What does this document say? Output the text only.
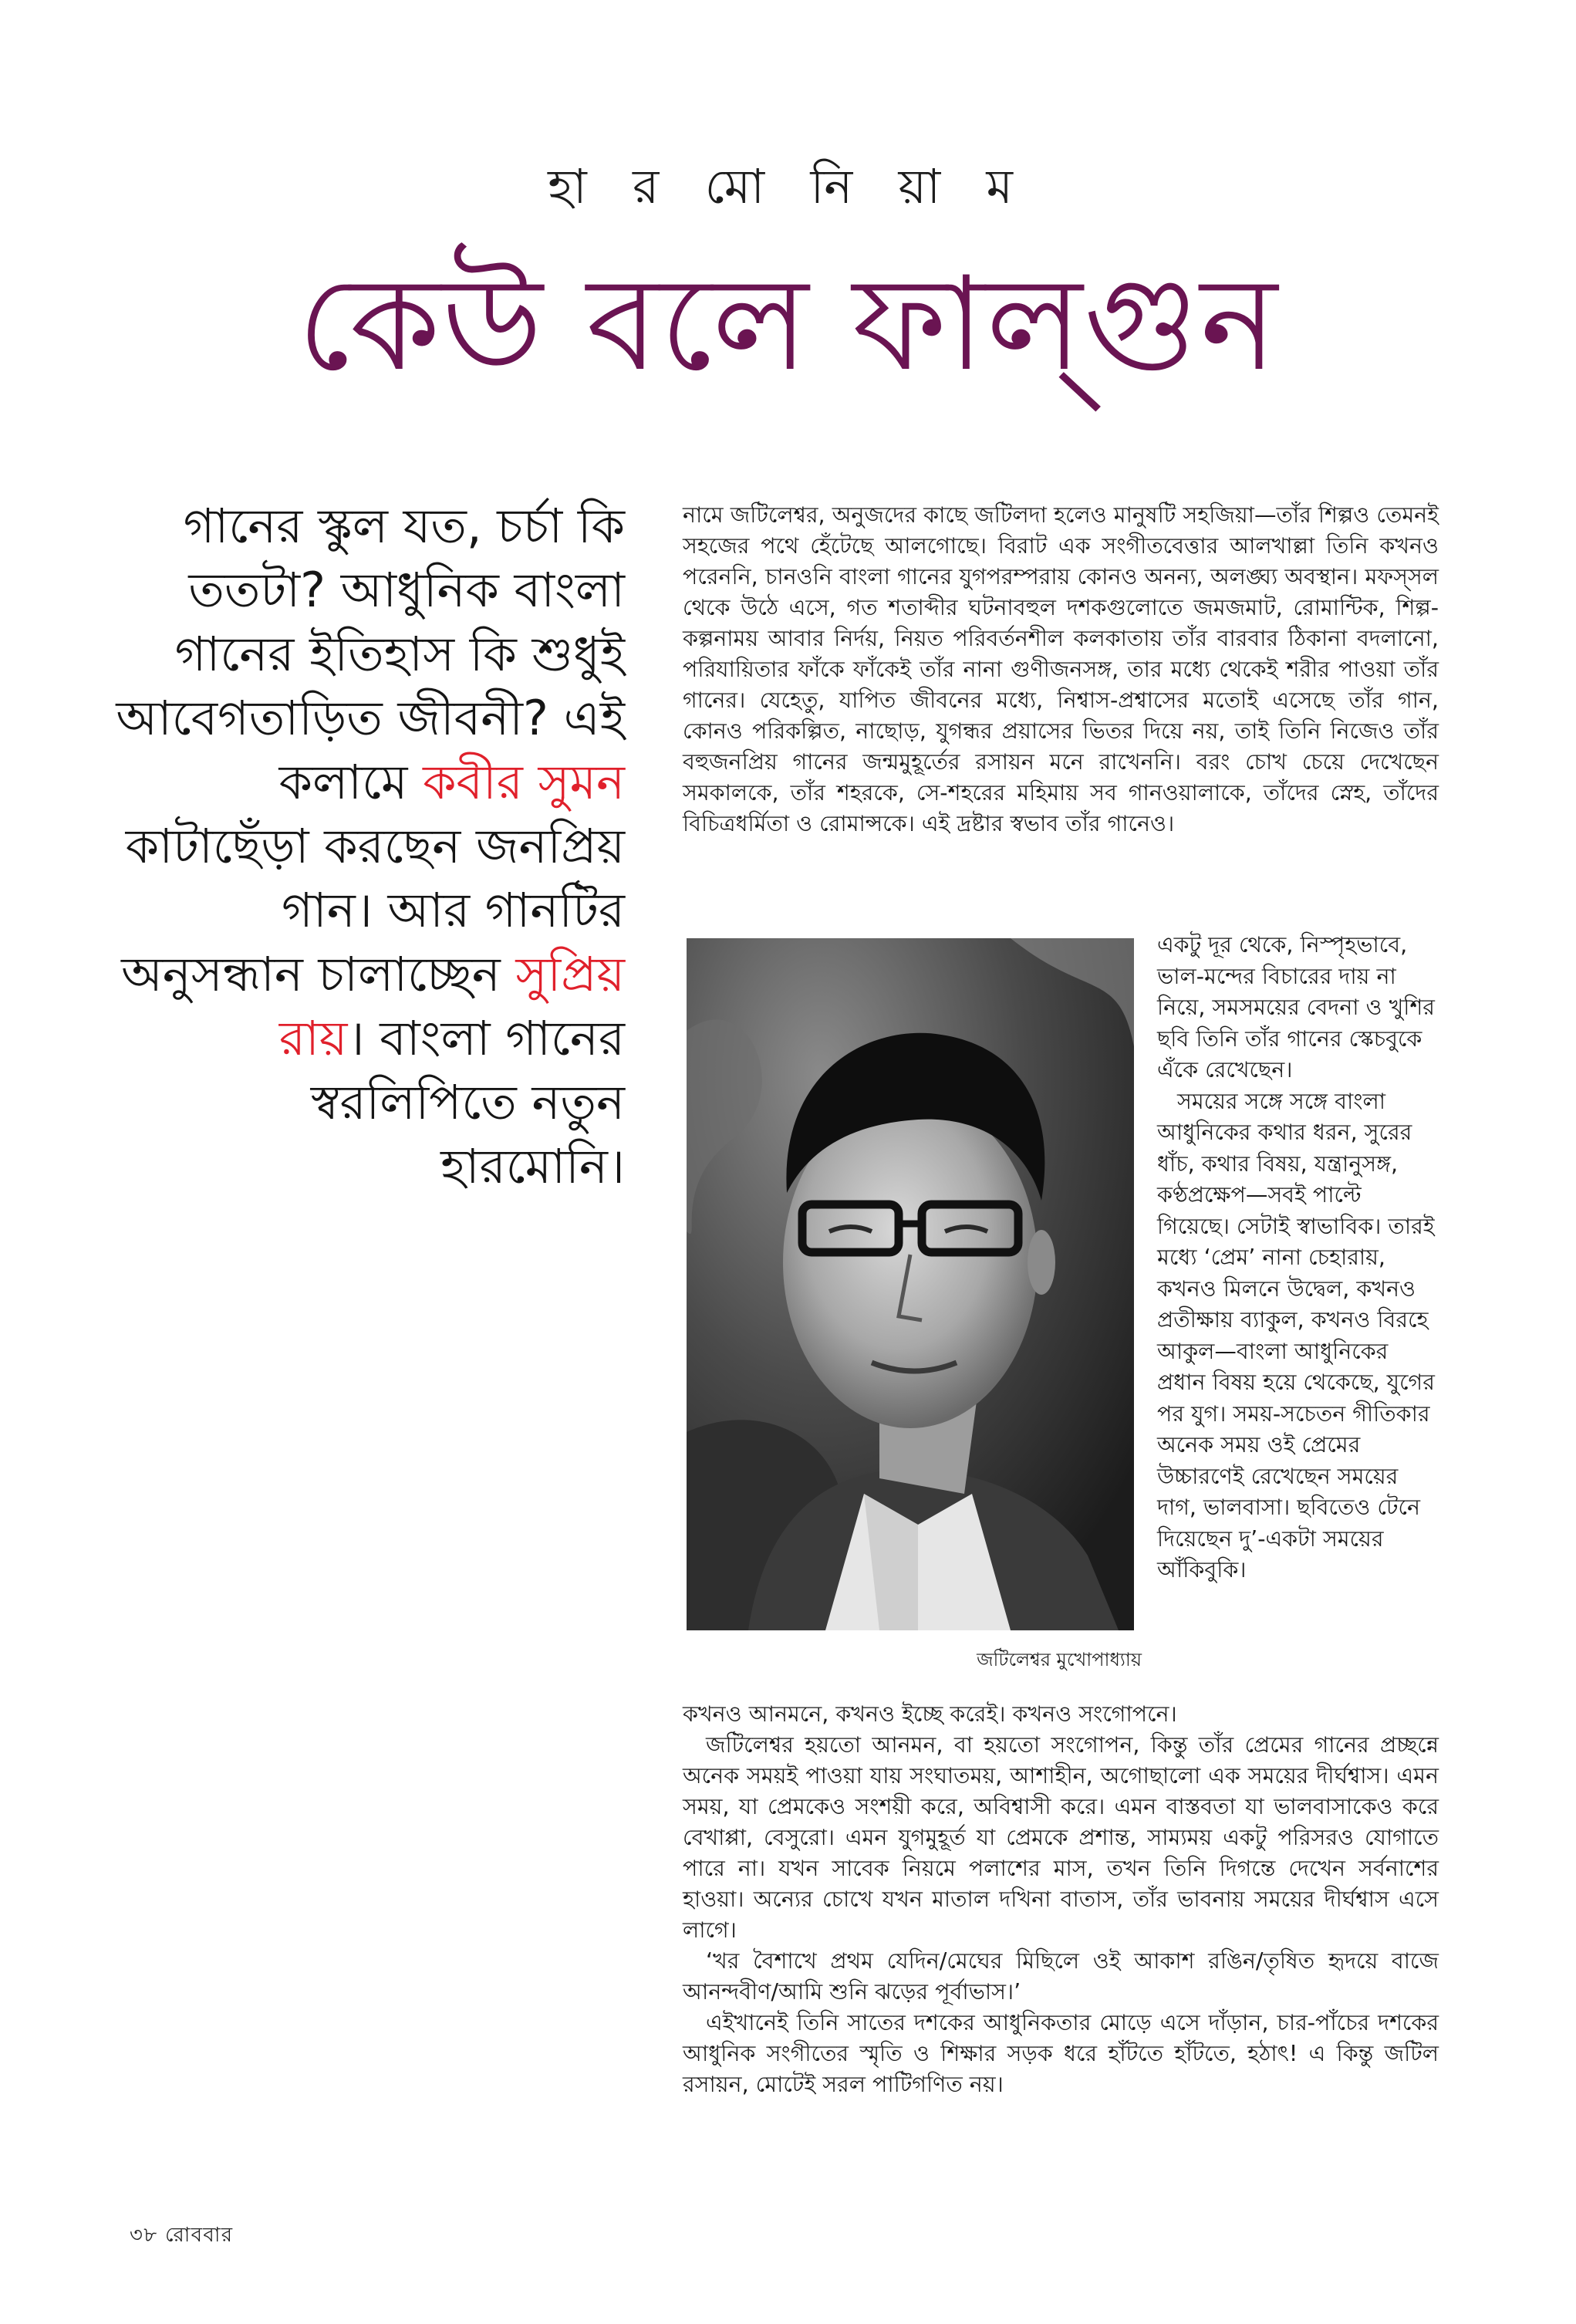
হা র মো নি য়া ম
কেউ বলে ফাল্গুন
গানের স্কুল যত, চর্চা কি ততটা? আধুনিক বাংলা গানের ইতিহাস কি শুধুই আবেগতাড়িত জীবনী? এই কলামে কবীর সুমন কাটাছেঁড়া করছেন জনপ্রিয় গান। আর গানটির অনুসন্ধান চালাচ্ছেন সুপ্রিয় রায়। বাংলা গানের স্বরলিপিতে নতুন হারমোনি।

নামে জটিলেশ্বর, অনুজদের কাছে জটিলদা হলেও মানুষটি সহজিয়া—তাঁর শিল্পও তেমনই সহজের পথে হেঁটেছে আলগোছে। বিরাট এক সংগীতবেত্তার আলখাল্লা তিনি কখনও পরেননি, চানওনি বাংলা গানের যুগপরম্পরায় কোনও অনন্য, অলঙ্ঘ্য অবস্থান। মফস্সল থেকে উঠে এসে, গত শতাব্দীর ঘটনাবহুল দশকগুলোতে জমজমাট, রোমান্টিক, শিল্প-কল্পনাময় আবার নির্দয়, নিয়ত পরিবর্তনশীল কলকাতায় তাঁর বারবার ঠিকানা বদলানো, পরিযায়িতার ফাঁকে ফাঁকেই তাঁর নানা গুণীজনসঙ্গ, তার মধ্যে থেকেই শরীর পাওয়া তাঁর গানের। যেহেতু, যাপিত জীবনের মধ্যে, নিশ্বাস-প্রশ্বাসের মতোই এসেছে তাঁর গান, কোনও পরিকল্পিত, নাছোড়, যুগন্ধর প্রয়াসের ভিতর দিয়ে নয়, তাই তিনি নিজেও তাঁর বহুজনপ্রিয় গানের জন্মমুহূর্তের রসায়ন মনে রাখেননি। বরং চোখ চেয়ে দেখেছেন সমকালকে, তাঁর শহরকে, সে-শহরের মহিমায় সব গানওয়ালাকে, তাঁদের স্নেহ, তাঁদের বিচিত্রধর্মিতা ও রোমান্সকে। এই দ্রষ্টার স্বভাব তাঁর গানেও।

জটিলেশ্বর মুখোপাধ্যায়

একটু দূর থেকে, নিস্পৃহভাবে, ভাল-মন্দের বিচারের দায় না নিয়ে, সমসময়ের বেদনা ও খুশির ছবি তিনি তাঁর গানের স্কেচবুকে এঁকে রেখেছেন।

সময়ের সঙ্গে সঙ্গে বাংলা আধুনিকের কথার ধরন, সুরের ধাঁচ, কথার বিষয়, যন্ত্রানুসঙ্গ, কণ্ঠপ্রক্ষেপ—সবই পাল্টে গিয়েছে। সেটাই স্বাভাবিক। তারই মধ্যে ‘প্রেম’ নানা চেহারায়, কখনও মিলনে উদ্বেল, কখনও প্রতীক্ষায় ব্যাকুল, কখনও বিরহে আকুল—বাংলা আধুনিকের প্রধান বিষয় হয়ে থেকেছে, যুগের পর যুগ। সময়-সচেতন গীতিকার অনেক সময় ওই প্রেমের উচ্চারণেই রেখেছেন সময়ের দাগ, ভালবাসা। ছবিতেও টেনে দিয়েছেন দু’-একটা সময়ের আঁকিবুকি।

কখনও আনমনে, কখনও ইচ্ছে করেই। কখনও সংগোপনে।

জটিলেশ্বর হয়তো আনমন, বা হয়তো সংগোপন, কিন্তু তাঁর প্রেমের গানের প্রচ্ছন্নে অনেক সময়ই পাওয়া যায় সংঘাতময়, আশাহীন, অগোছালো এক সময়ের দীর্ঘশ্বাস। এমন সময়, যা প্রেমকেও সংশয়ী করে, অবিশ্বাসী করে। এমন বাস্তবতা যা ভালবাসাকেও করে বেখাপ্পা, বেসুরো। এমন যুগমুহূর্ত যা প্রেমকে প্রশান্ত, সাম্যময় একটু পরিসরও যোগাতে পারে না। যখন সাবেক নিয়মে পলাশের মাস, তখন তিনি দিগন্তে দেখেন সর্বনাশের হাওয়া। অন্যের চোখে যখন মাতাল দখিনা বাতাস, তাঁর ভাবনায় সময়ের দীর্ঘশ্বাস এসে লাগে।

‘খর বৈশাখে প্রথম যেদিন/মেঘের মিছিলে ওই আকাশ রঙিন/তৃষিত হৃদয়ে বাজে আনন্দবীণ/আমি শুনি ঝড়ের পূর্বাভাস।’

এইখানেই তিনি সাতের দশকের আধুনিকতার মোড়ে এসে দাঁড়ান, চার-পাঁচের দশকের আধুনিক সংগীতের স্মৃতি ও শিক্ষার সড়ক ধরে হাঁটতে হাঁটতে, হঠাৎ! এ কিন্তু জটিল রসায়ন, মোটেই সরল পাটিগণিত নয়।

৩৮ রোববার
